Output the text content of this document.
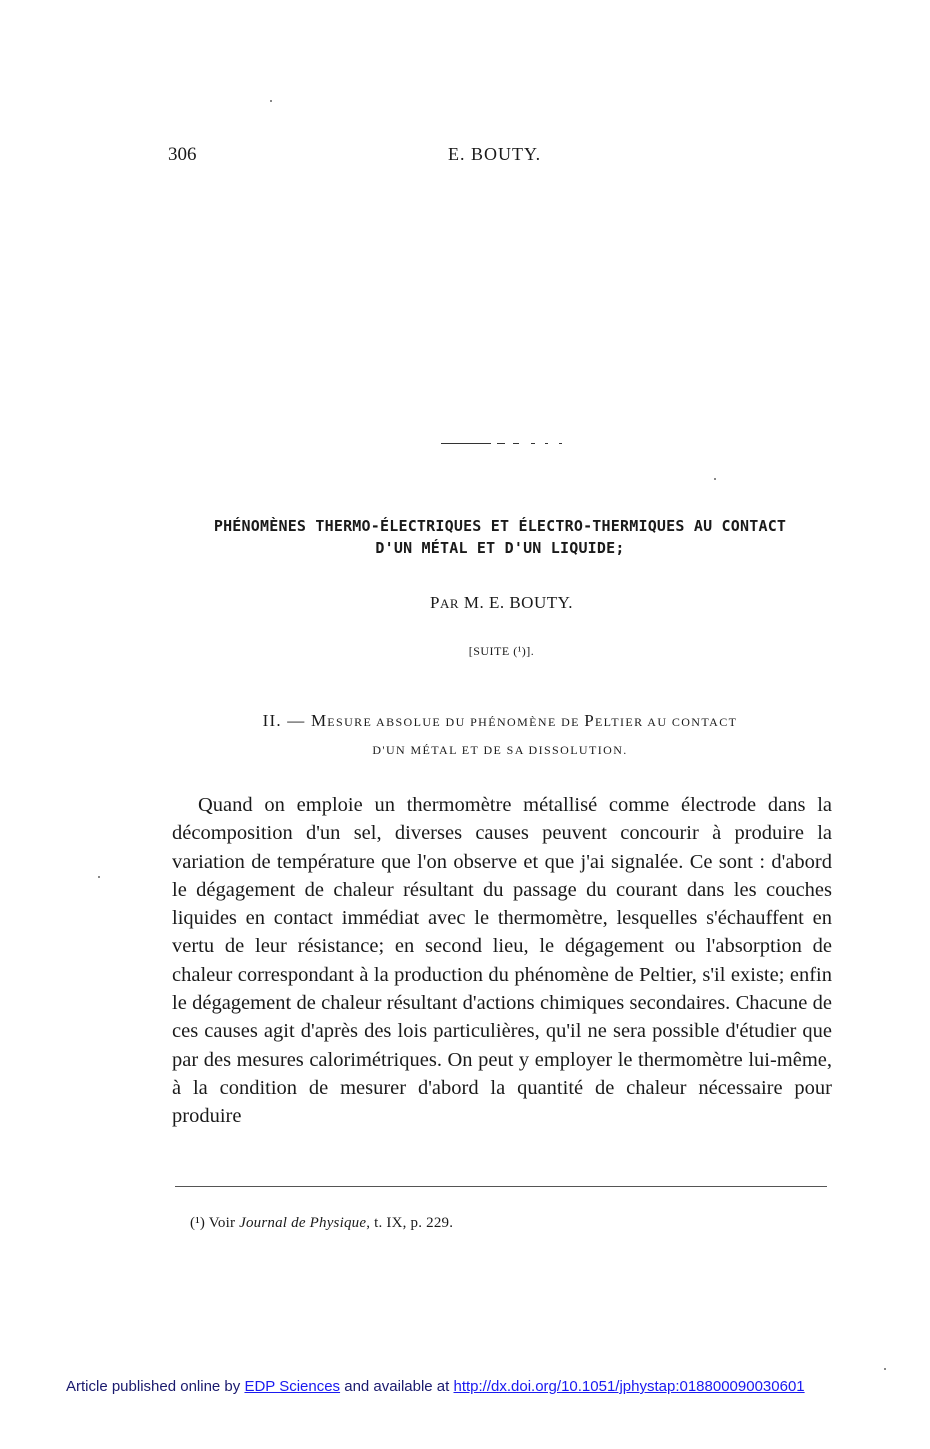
306	E. BOUTY.
PHÉNOMÈNES THERMO-ÉLECTRIQUES ET ÉLECTRO-THERMIQUES AU CONTACT
D'UN MÉTAL ET D'UN LIQUIDE;
PAR M. E. BOUTY.
[SUITE (¹)].
II. — MESURE ABSOLUE DU PHÉNOMÈNE DE PELTIER AU CONTACT
D'UN MÉTAL ET DE SA DISSOLUTION.
Quand on emploie un thermomètre métallisé comme électrode dans la décomposition d'un sel, diverses causes peuvent concourir à produire la variation de température que l'on observe et que j'ai signalée. Ce sont : d'abord le dégagement de chaleur résultant du passage du courant dans les couches liquides en contact immédiat avec le thermomètre, lesquelles s'échauffent en vertu de leur résistance; en second lieu, le dégagement ou l'absorption de chaleur correspondant à la production du phénomène de Peltier, s'il existe; enfin le dégagement de chaleur résultant d'actions chimiques secondaires. Chacune de ces causes agit d'après des lois particulières, qu'il ne sera possible d'étudier que par des mesures calorimétriques. On peut y employer le thermomètre lui-même, à la condition de mesurer d'abord la quantité de chaleur nécessaire pour produire
(¹) Voir Journal de Physique, t. IX, p. 229.
Article published online by EDP Sciences and available at http://dx.doi.org/10.1051/jphystap:018800090030601
